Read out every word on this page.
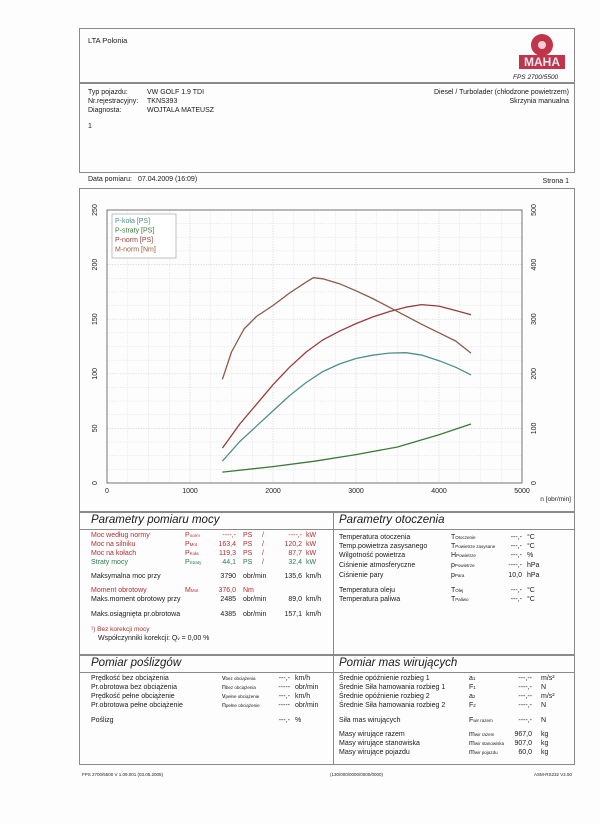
LTA Polonia
MAHA
FPS 2700/5500
Typ pojazdu:	VW GOLF 1.9 TDI
Nr.rejestracyjny: TKNS393
Diagnosta:	WOJTALA MATEUSZ
Diesel / Turbolader (chłodzone powietrzem)
Skrzynia manualna
1
Data pomiaru: 07.04.2009 (16:09)	Strona 1
0	1000	2000	3000	4000	5000
n [obr/min]
0
50
100
150
200
250
0
100
200
300
400
500
P-koła [PS]
P-straty [PS]
P-norm [PS]
M-norm [Nm]
Parametry pomiaru mocy	Parametry otoczenia
Moc według normy	Pnorm	----,- PS /	----,- kW
Moc na silniku	PMot	163,4 PS /	120,2 kW
Moc na kołach	PKoła	119,3 PS /	87,7 kW
Straty mocy	PStraty	44,1 PS /	32,4 kW
Maksymalna moc przy	3790 obr/min	135,6 km/h
Moment obrotowy	MMot	376,0 Nm
Maks.moment obrotowy przy	2485 obr/min	89,0 km/h
Maks.osiągnięta pr.obrotowa	4385 obr/min	157,1 km/h
¹) Bez korekcji mocy
Współczynniki korekcji: Qv = 0,00 %
Temperatura otoczenia	TOtoczenie	---,- °C
Temp.powietrza zasysanego	TPowietrze zasysane	---,- °C
Wilgotność powietrza	HPowietrze	---,- %
Ciśnienie atmosferyczne	pPowietrze	----,- hPa
Ciśnienie pary	pPara	10,0 hPa
Temperatura oleju	TOlej	---,- °C
Temperatura paliwa	TPaliwo	---,- °C
Pomiar poślizgów	Pomiar mas wirujących
Prędkość bez obciążenia	vbez obciążenia	---,- km/h
Pr.obrotowa bez obciążenia	nbez obciążenia	----- obr/min
Prędkość pełne obciążenie	vpełne obciążenie	---,- km/h
Pr.obrotowa pełne obciążenie	npełne obciążenie	----- obr/min
Poślizg	---,- %
Średnie opóźnienie rozbieg 1	a1	---,-- m/s²
Średnie Siła hamowania rozbieg 1	F1	----,- N
Średnie opóźnienie rozbieg 2	a2	---,-- m/s²
Średnie Siła hamowania rozbieg 2	F2	----,- N
Siła mas wirujących	Fwir razem	----,- N
Masy wirujące razem	mwir razem	967,0 kg
Masy wirujące stanowiska	mwir stanowiska	907,0 kg
Masy wirujące pojazdu	mwir pojazdu	60,0 kg
FPS 2700/5500 V 1.09.001 (03.05.2005)	(130/000/0000/0000/0000)	ASM-RS232 V2.50
